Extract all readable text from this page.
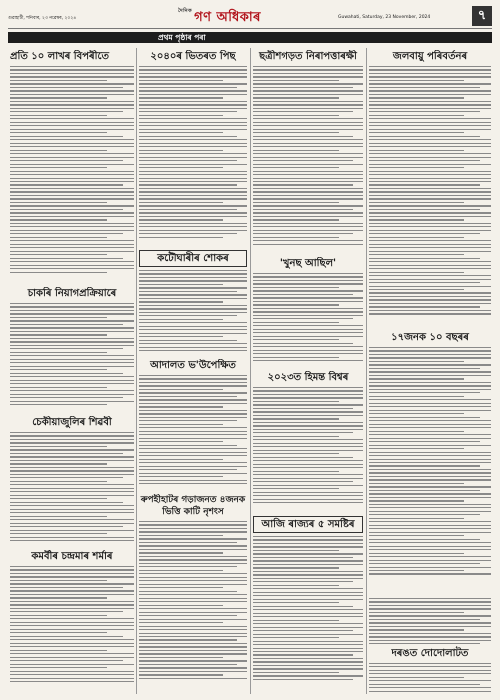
গুৱাহাটী, শনিবাৰ, ২৩ নৱেম্বৰ, ২০২৪
$^{দৈনিক}$ গণ অধিকাৰ	Guwahati, Saturday, 23 November, 2024	৭
প্ৰথম পৃষ্ঠাৰ পৰা
প্ৰতি ১০ লাখৰ বিপৰীতে
চাকৰি নিয়াগপ্ৰক্ৰিয়াৰে
চেকীয়াজুলিৰ শিৱবী
কমৰ্বীৰ চন্দ্ৰমাৰ শৰ্মাৰ
২০৪০ৰ ভিতৰত পিছ
কটৌঘাৰীৰ শোকৰ
আদালত ভ'উপেক্ষিত
ৰুপহীহাটৰ গড়াজনত ৪জনক ভিত্তি কাটি নৃশংস
ছত্ৰীশগড়ত নিৰাপত্তাৰক্ষী
'খুনছ আছিল'
২০২৩ত হিমন্ত বিশ্বৰ
আজি ৰাজ্যৰ ৫ সমষ্টিৰ
জলবায়ু পৰিবৰ্তনৰ
১৭জনক ১০ বছৰৰ
দৰঙত দোদোলাটত
